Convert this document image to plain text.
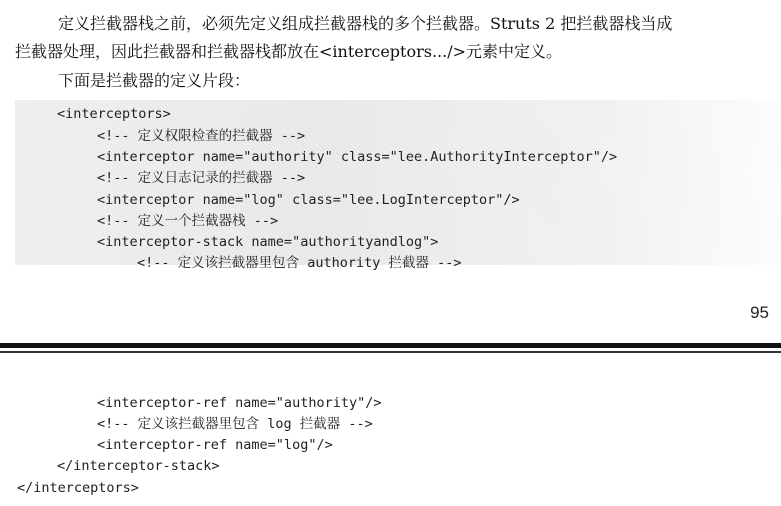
定义拦截器栈之前，必须先定义组成拦截器栈的多个拦截器。Struts 2 把拦截器栈当成
拦截器处理，因此拦截器和拦截器栈都放在<interceptors.../>元素中定义。
下面是拦截器的定义片段：
<interceptors>
<!-- 定义权限检查的拦截器 -->
<interceptor name="authority" class="lee.AuthorityInterceptor"/>
<!-- 定义日志记录的拦截器 -->
<interceptor name="log" class="lee.LogInterceptor"/>
<!-- 定义一个拦截器栈 -->
<interceptor-stack name="authorityandlog">
<!-- 定义该拦截器里包含 authority 拦截器 -->
95
<interceptor-ref name="authority"/>
<!-- 定义该拦截器里包含 log 拦截器 -->
<interceptor-ref name="log"/>
</interceptor-stack>
</interceptors>
